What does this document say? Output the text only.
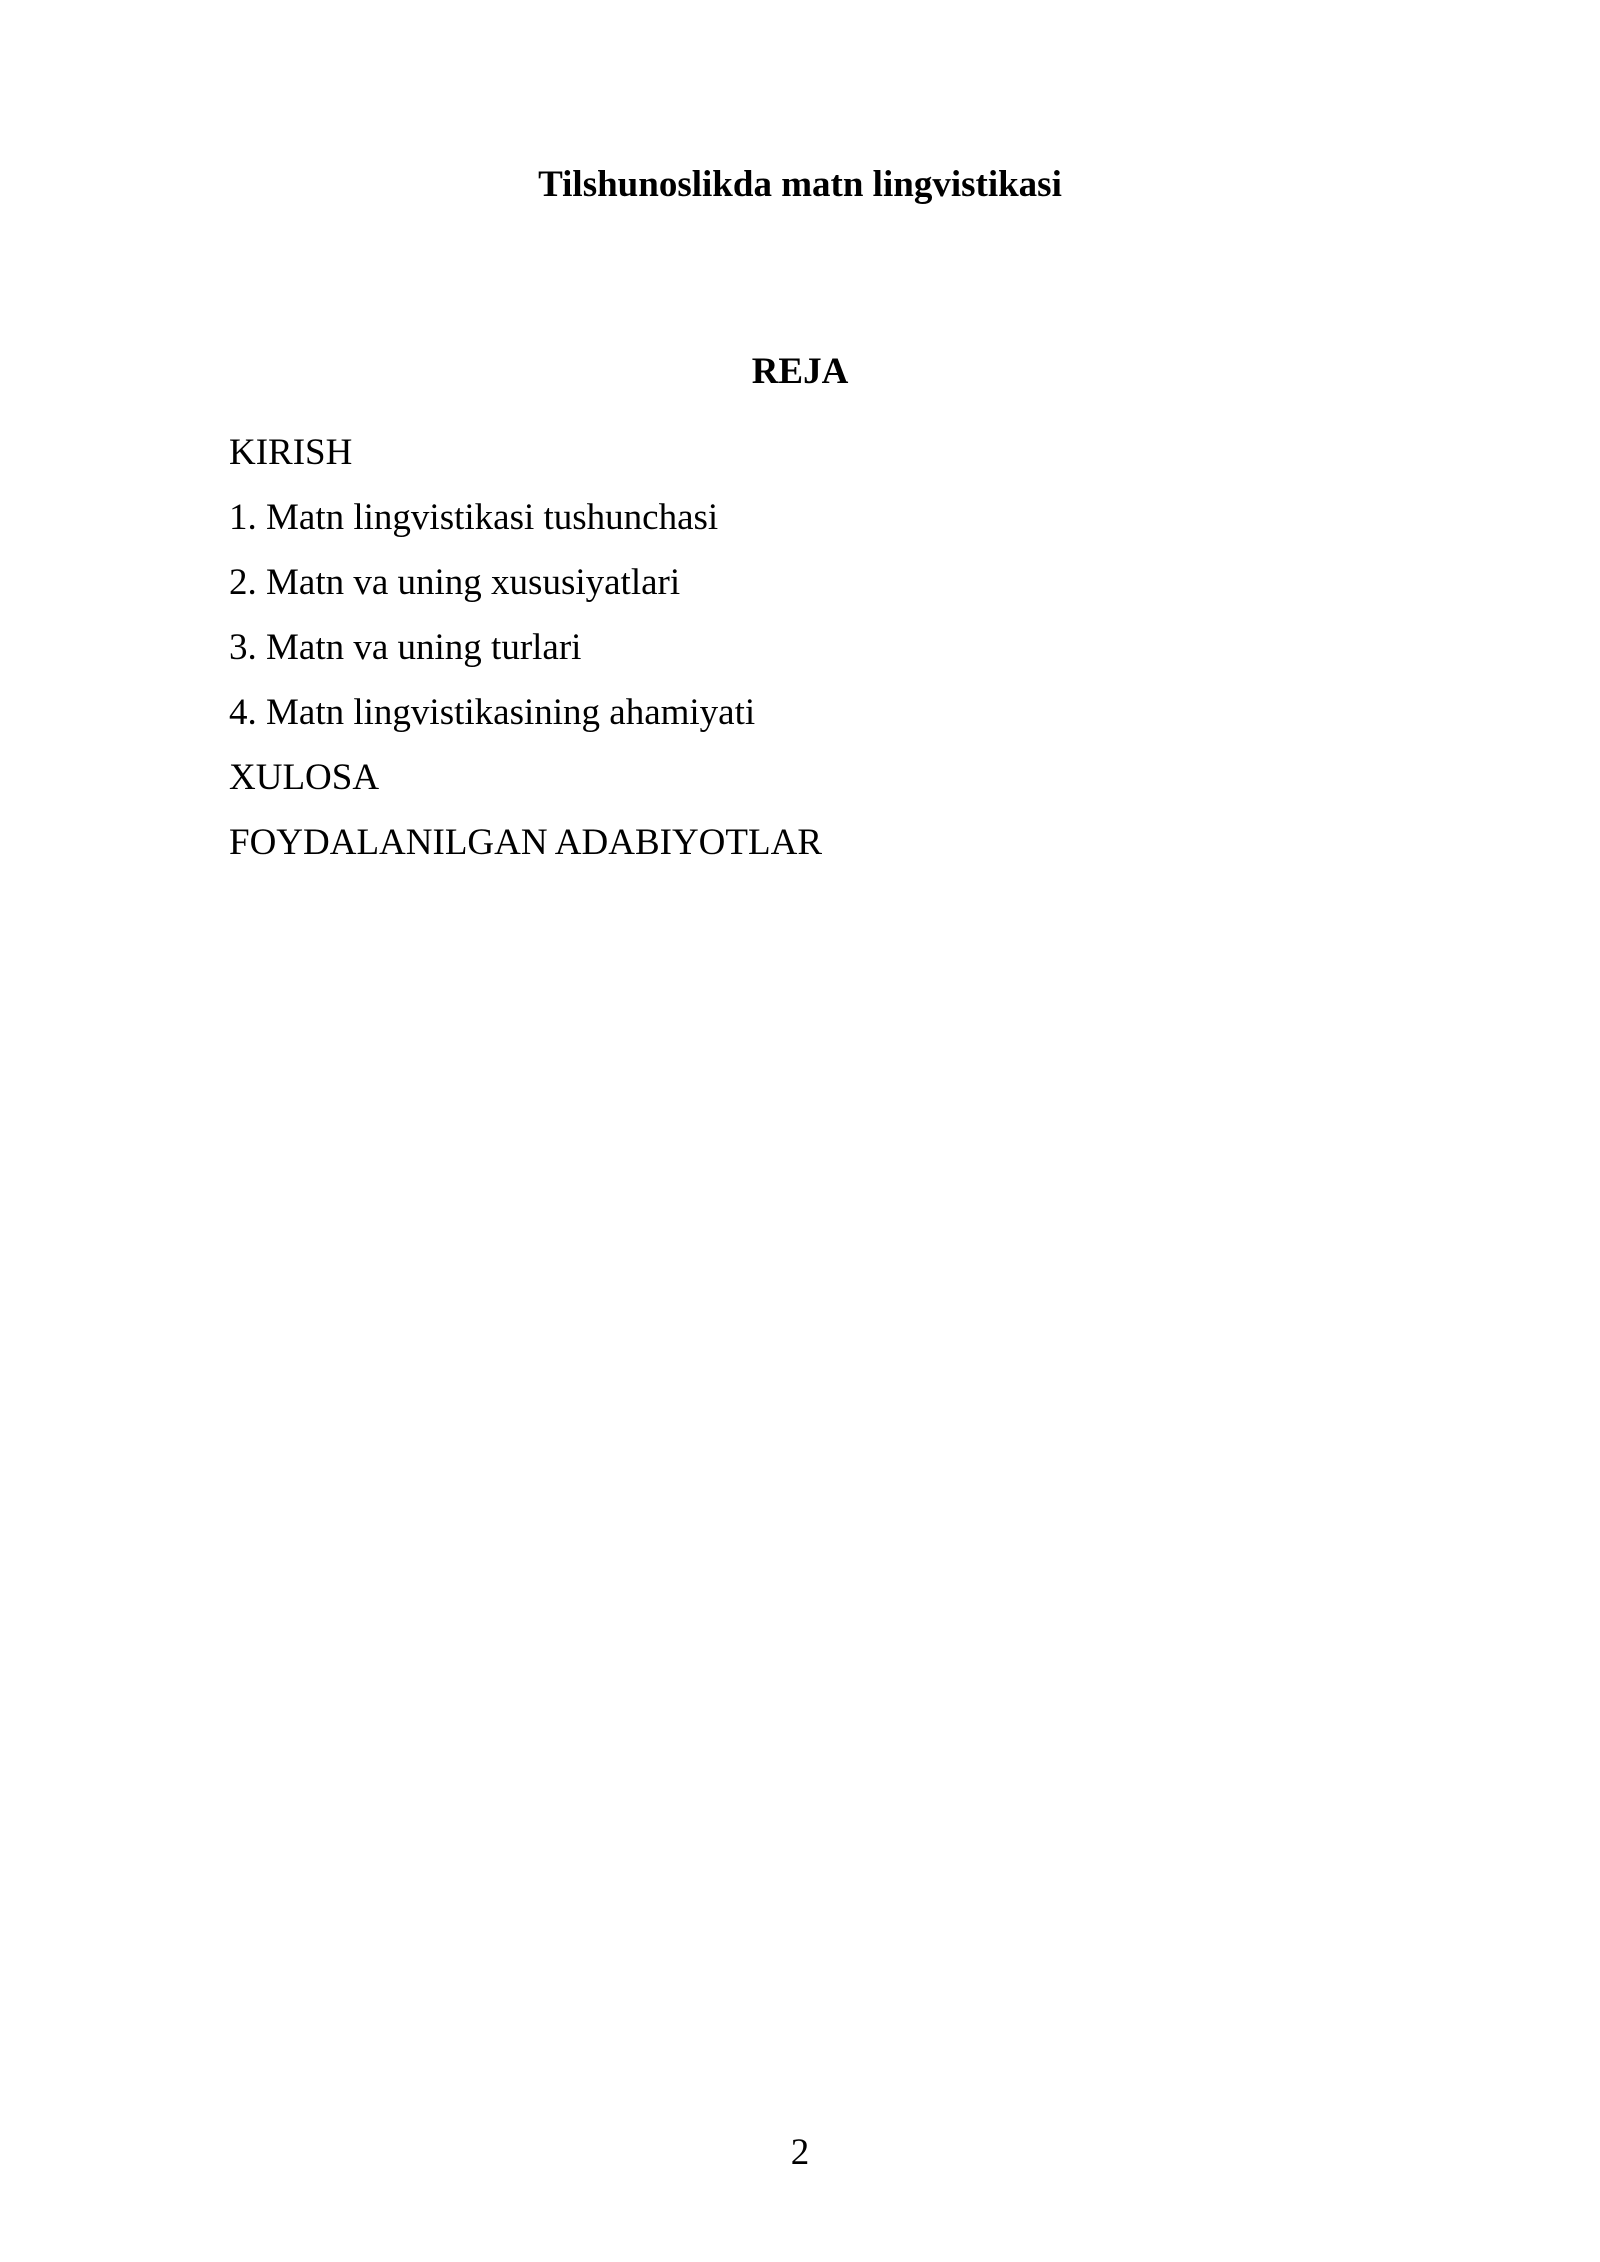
Tilshunoslikda matn lingvistikasi
REJA
KIRISH
1. Matn lingvistikasi tushunchasi
2. Matn va uning xususiyatlari
3. Matn va uning turlari
4. Matn lingvistikasining ahamiyati
XULOSA
FOYDALANILGAN ADABIYOTLAR
2
